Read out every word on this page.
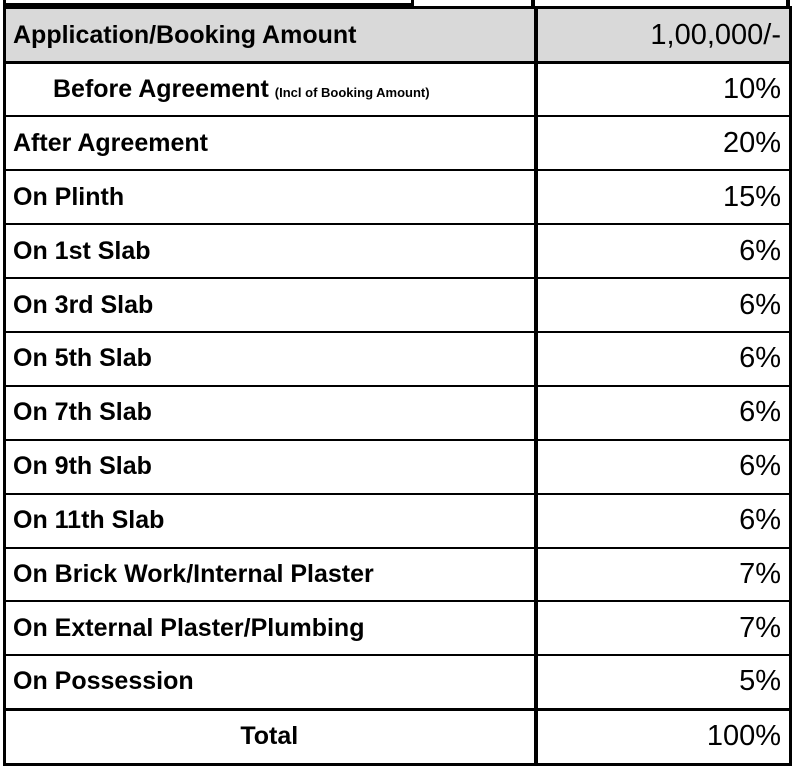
Application/Booking Amount	1,00,000/-
Before Agreement (Incl of Booking Amount)	10%
After Agreement	20%
On Plinth	15%
On 1st Slab	6%
On 3rd Slab	6%
On 5th Slab	6%
On 7th Slab	6%
On 9th Slab	6%
On 11th Slab	6%
On Brick Work/Internal Plaster	7%
On External Plaster/Plumbing	7%
On Possession	5%
Total	100%
